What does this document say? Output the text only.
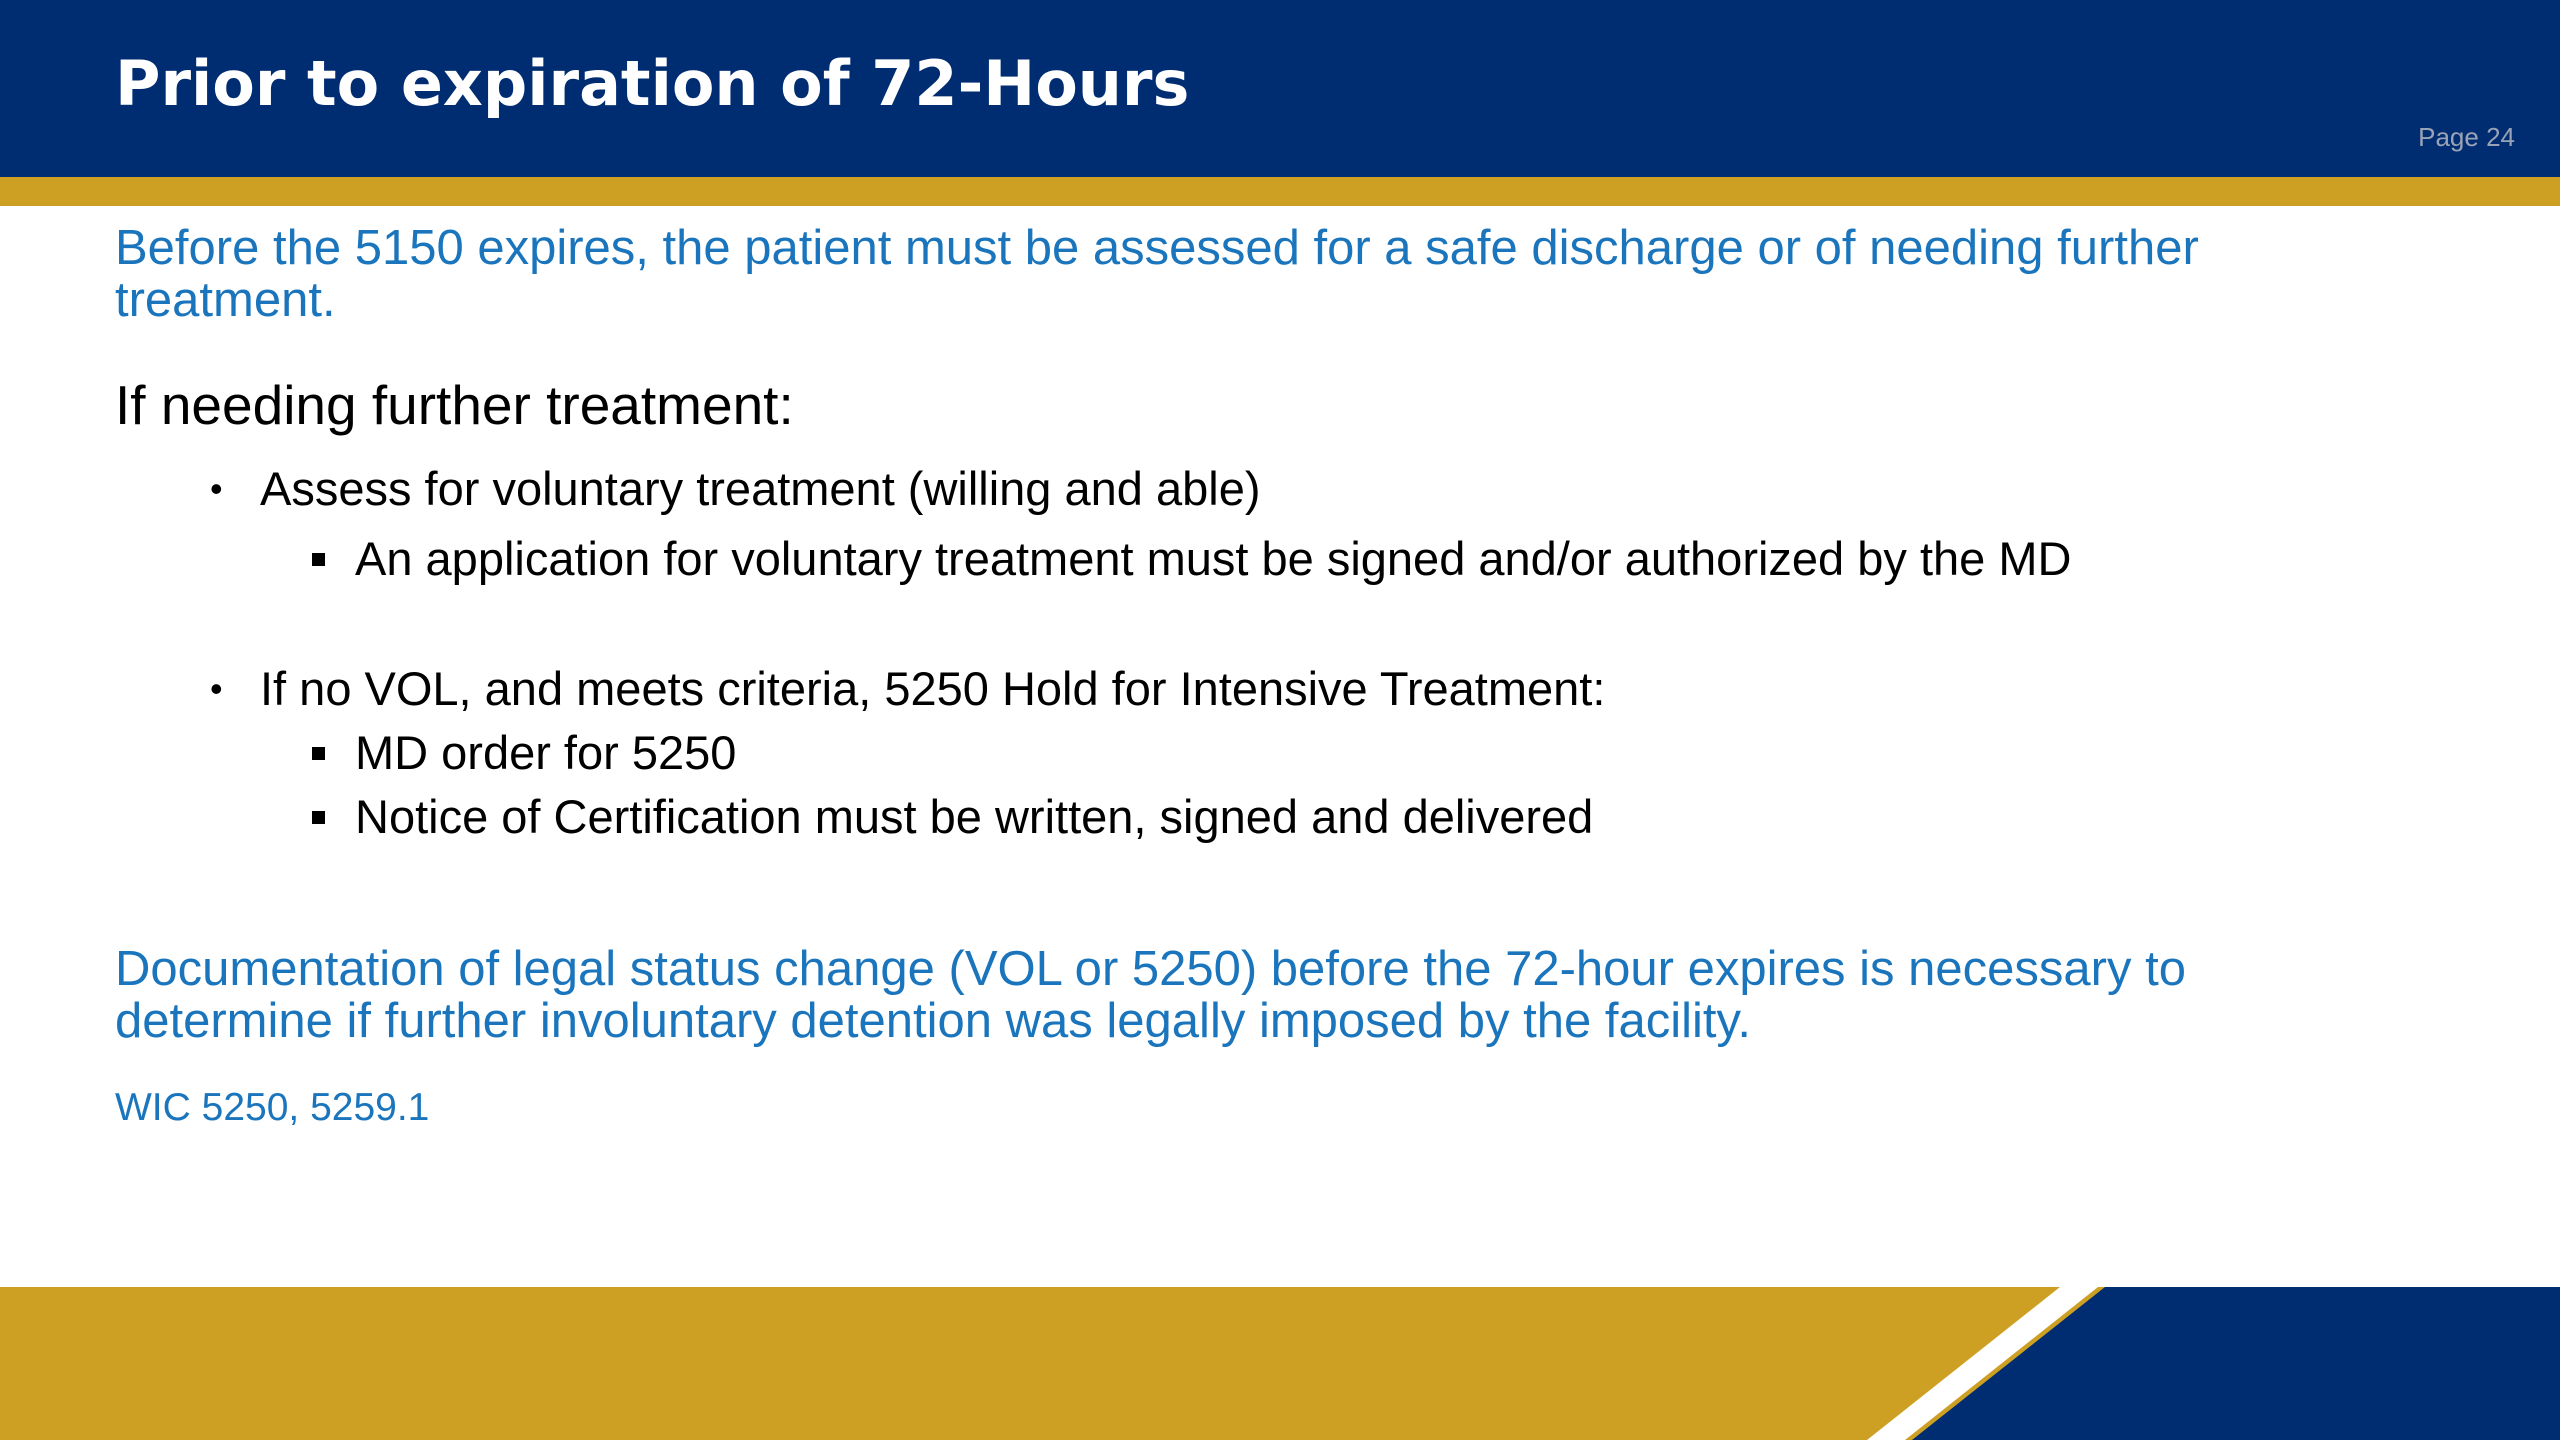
Prior to expiration of 72-Hours
Page 24

Before the 5150 expires, the patient must be assessed for a safe discharge or of needing further treatment.

If needing further treatment:

• Assess for voluntary treatment (willing and able)
An application for voluntary treatment must be signed and/or authorized by the MD
• If no VOL, and meets criteria, 5250 Hold for Intensive Treatment:
MD order for 5250
Notice of Certification must be written, signed and delivered

Documentation of legal status change (VOL or 5250) before the 72-hour expires is necessary to determine if further involuntary detention was legally imposed by the facility.

WIC 5250, 5259.1
